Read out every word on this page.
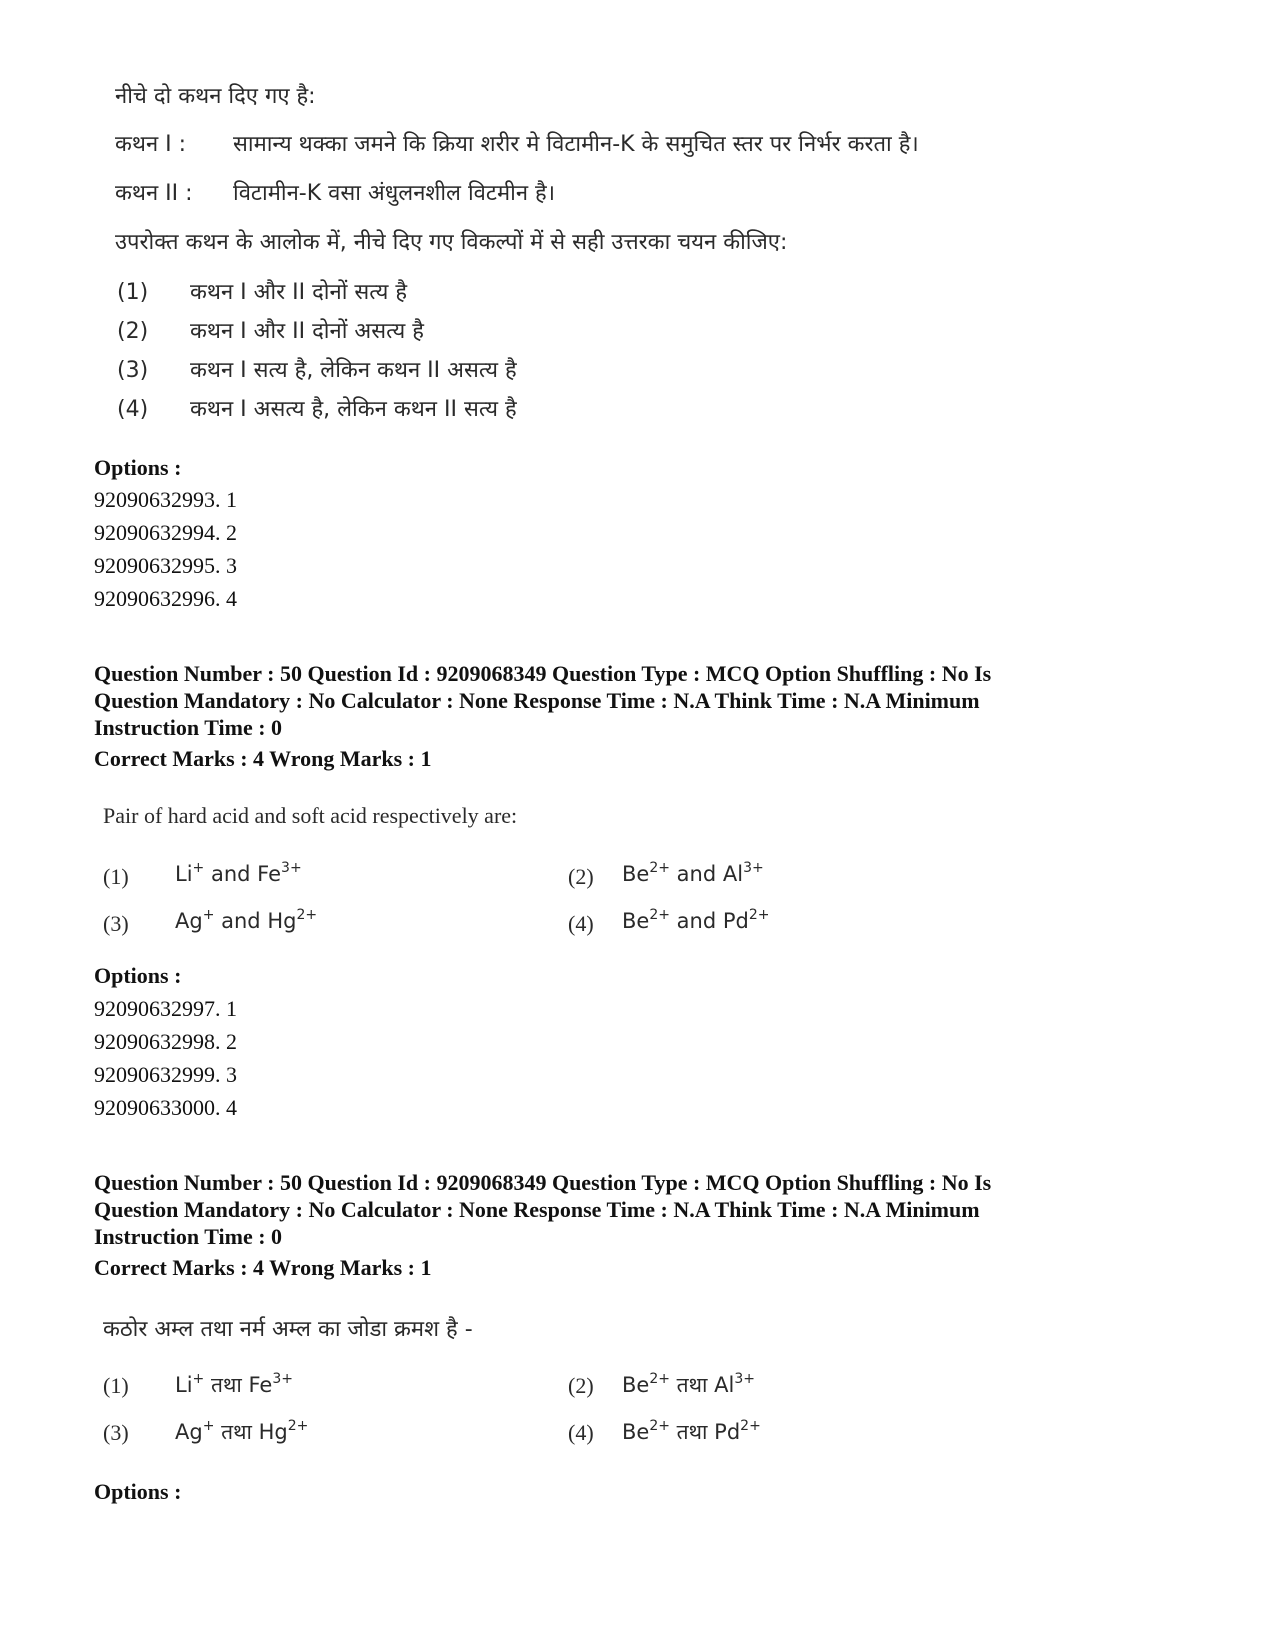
नीचे दो कथन दिए गए है:
कथन I : सामान्य थक्का जमने कि क्रिया शरीर मे विटामीन-K के समुचित स्तर पर निर्भर करता है।
कथन II : विटामीन-K वसा अंधुलनशील विटमीन है।
उपरोक्त कथन के आलोक में, नीचे दिए गए विकल्पों में से सही उत्तरका चयन कीजिए:
(1) कथन I और II दोनों सत्य है
(2) कथन I और II दोनों असत्य है
(3) कथन I सत्य है, लेकिन कथन II असत्य है
(4) कथन I असत्य है, लेकिन कथन II सत्य है
Options :
92090632993. 1
92090632994. 2
92090632995. 3
92090632996. 4
Question Number : 50 Question Id : 9209068349 Question Type : MCQ Option Shuffling : No Is Question Mandatory : No Calculator : None Response Time : N.A Think Time : N.A Minimum Instruction Time : 0
Correct Marks : 4 Wrong Marks : 1
Pair of hard acid and soft acid respectively are:
(1) Li+ and $Fe^{3+}$	(2) $Be^{2+}$ and $Al^{3+}$
(3) Ag+ and $Hg^{2+}$	(4) $Be^{2+}$ and $Pd^{2+}$
Options :
92090632997. 1
92090632998. 2
92090632999. 3
92090633000. 4
Question Number : 50 Question Id : 9209068349 Question Type : MCQ Option Shuffling : No Is Question Mandatory : No Calculator : None Response Time : N.A Think Time : N.A Minimum Instruction Time : 0
Correct Marks : 4 Wrong Marks : 1
कठोर अम्ल तथा नर्म अम्ल का जोडा क्रमश है -
(1) Li+ तथा $Fe^{3+}$	(2) $Be^{2+}$ तथा $Al^{3+}$
(3) Ag+ तथा $Hg^{2+}$	(4) $Be^{2+}$ तथा $Pd^{2+}$
Options :
